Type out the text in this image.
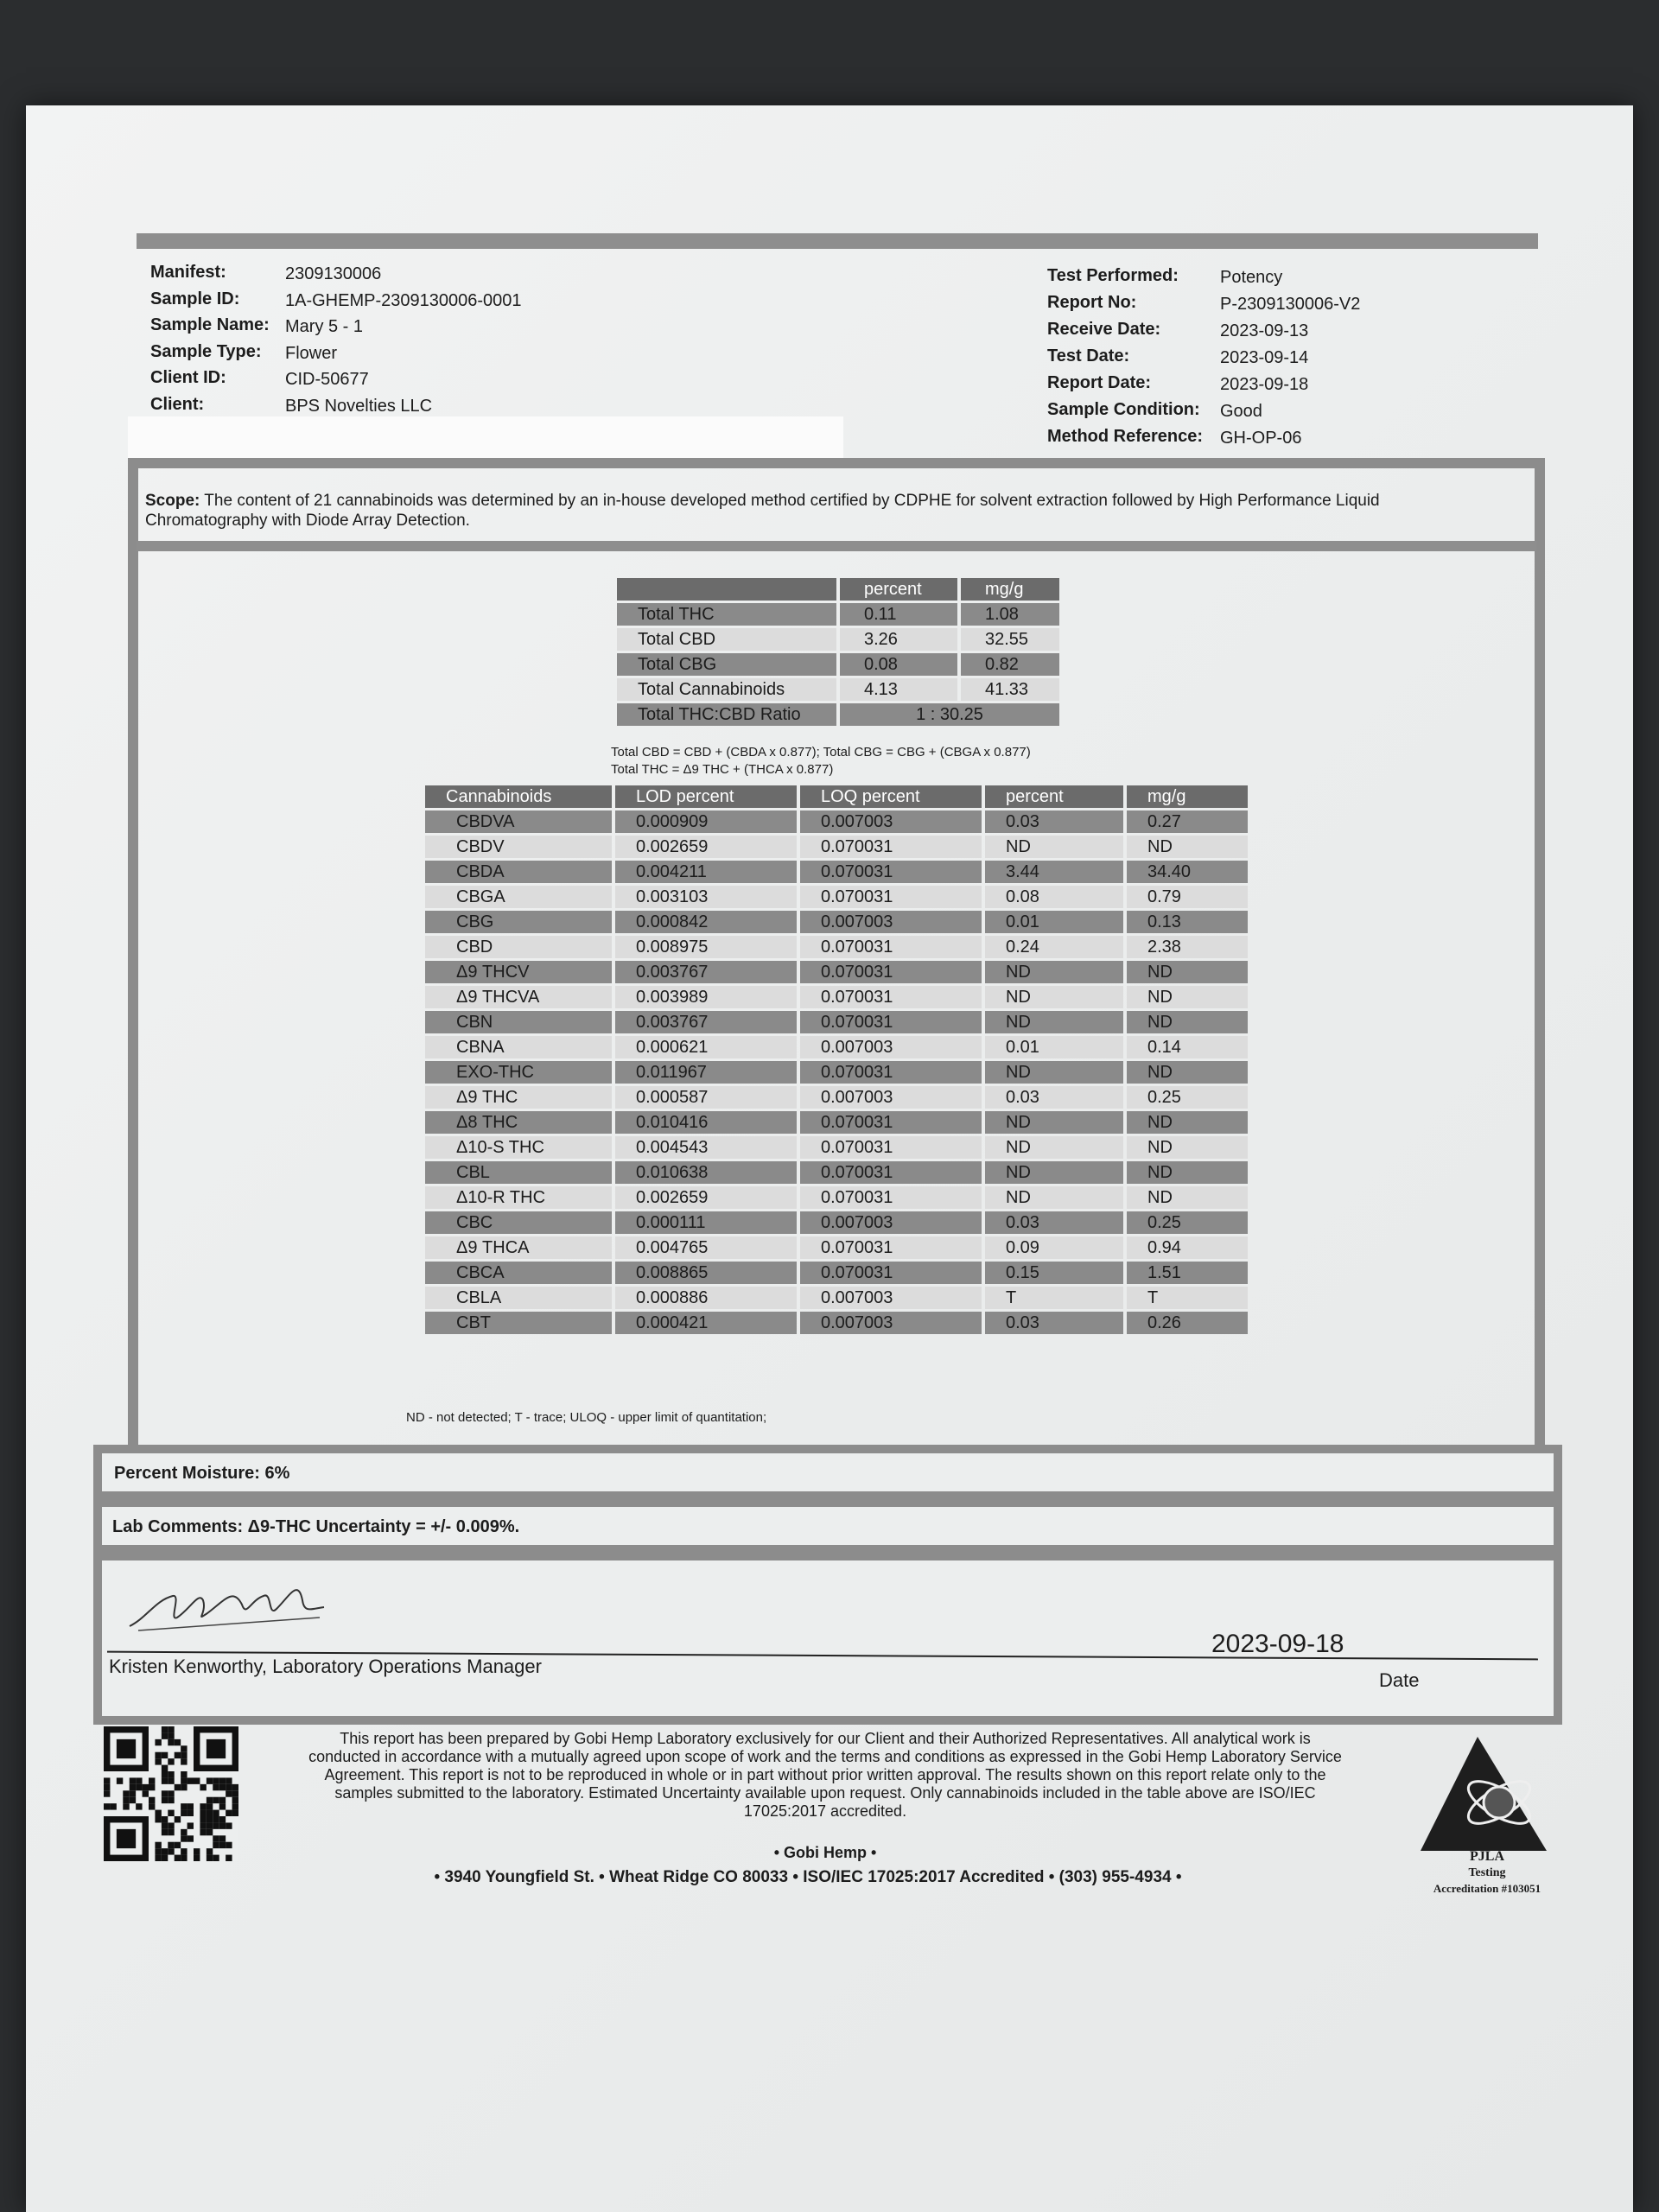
Manifest:	2309130006
Sample ID:	1A-GHEMP-2309130006-0001
Sample Name: Mary 5 - 1
Sample Type: Flower
Client ID:	CID-50677
Client:	BPS Novelties LLC
Test Performed: Potency
Report No:	P-2309130006-V2
Receive Date:	2023-09-13
Test Date:	2023-09-14
Report Date:	2023-09-18
Sample Condition: Good
Method Reference: GH-OP-06
Scope: The content of 21 cannabinoids was determined by an in-house developed method certified by CDPHE for solvent extraction followed by High Performance Liquid Chromatography with Diode Array Detection.
	percent	mg/g
Total THC	0.11	1.08
Total CBD	3.26	32.55
Total CBG	0.08	0.82
Total Cannabinoids	4.13	41.33
Total THC:CBD Ratio	1 : 30.25	
Total CBD = CBD + (CBDA x 0.877); Total CBG = CBG + (CBGA x 0.877)
Total THC = Δ9 THC + (THCA x 0.877)
Cannabinoids	LOD percent	LOQ percent	percent	mg/g
CBDVA	0.000909	0.007003	0.03	0.27
CBDV	0.002659	0.070031	ND	ND
CBDA	0.004211	0.070031	3.44	34.40
CBGA	0.003103	0.070031	0.08	0.79
CBG	0.000842	0.007003	0.01	0.13
CBD	0.008975	0.070031	0.24	2.38
Δ9 THCV	0.003767	0.070031	ND	ND
Δ9 THCVA	0.003989	0.070031	ND	ND
CBN	0.003767	0.070031	ND	ND
CBNA	0.000621	0.007003	0.01	0.14
EXO-THC	0.011967	0.070031	ND	ND
Δ9 THC	0.000587	0.007003	0.03	0.25
Δ8 THC	0.010416	0.070031	ND	ND
Δ10-S THC	0.004543	0.070031	ND	ND
CBL	0.010638	0.070031	ND	ND
Δ10-R THC	0.002659	0.070031	ND	ND
CBC	0.000111	0.007003	0.03	0.25
Δ9 THCA	0.004765	0.070031	0.09	0.94
CBCA	0.008865	0.070031	0.15	1.51
CBLA	0.000886	0.007003	T	T
CBT	0.000421	0.007003	0.03	0.26
ND - not detected; T - trace; ULOQ - upper limit of quantitation;
Percent Moisture: 6%
Lab Comments: Δ9-THC Uncertainty = +/- 0.009%.
Kristen Kenworthy, Laboratory Operations Manager
2023-09-18
Date
This report has been prepared by Gobi Hemp Laboratory exclusively for our Client and their Authorized Representatives. All analytical work is conducted in accordance with a mutually agreed upon scope of work and the terms and conditions as expressed in the Gobi Hemp Laboratory Service Agreement. This report is not to be reproduced in whole or in part without prior written approval. The results shown on this report relate only to the samples submitted to the laboratory. Estimated Uncertainty available upon request. Only cannabinoids included in the table above are ISO/IEC 17025:2017 accredited.
• Gobi Hemp •
• 3940 Youngfield St. • Wheat Ridge CO 80033 • ISO/IEC 17025:2017 Accredited • (303) 955-4934 •
PJLA
Testing
Accreditation #103051
